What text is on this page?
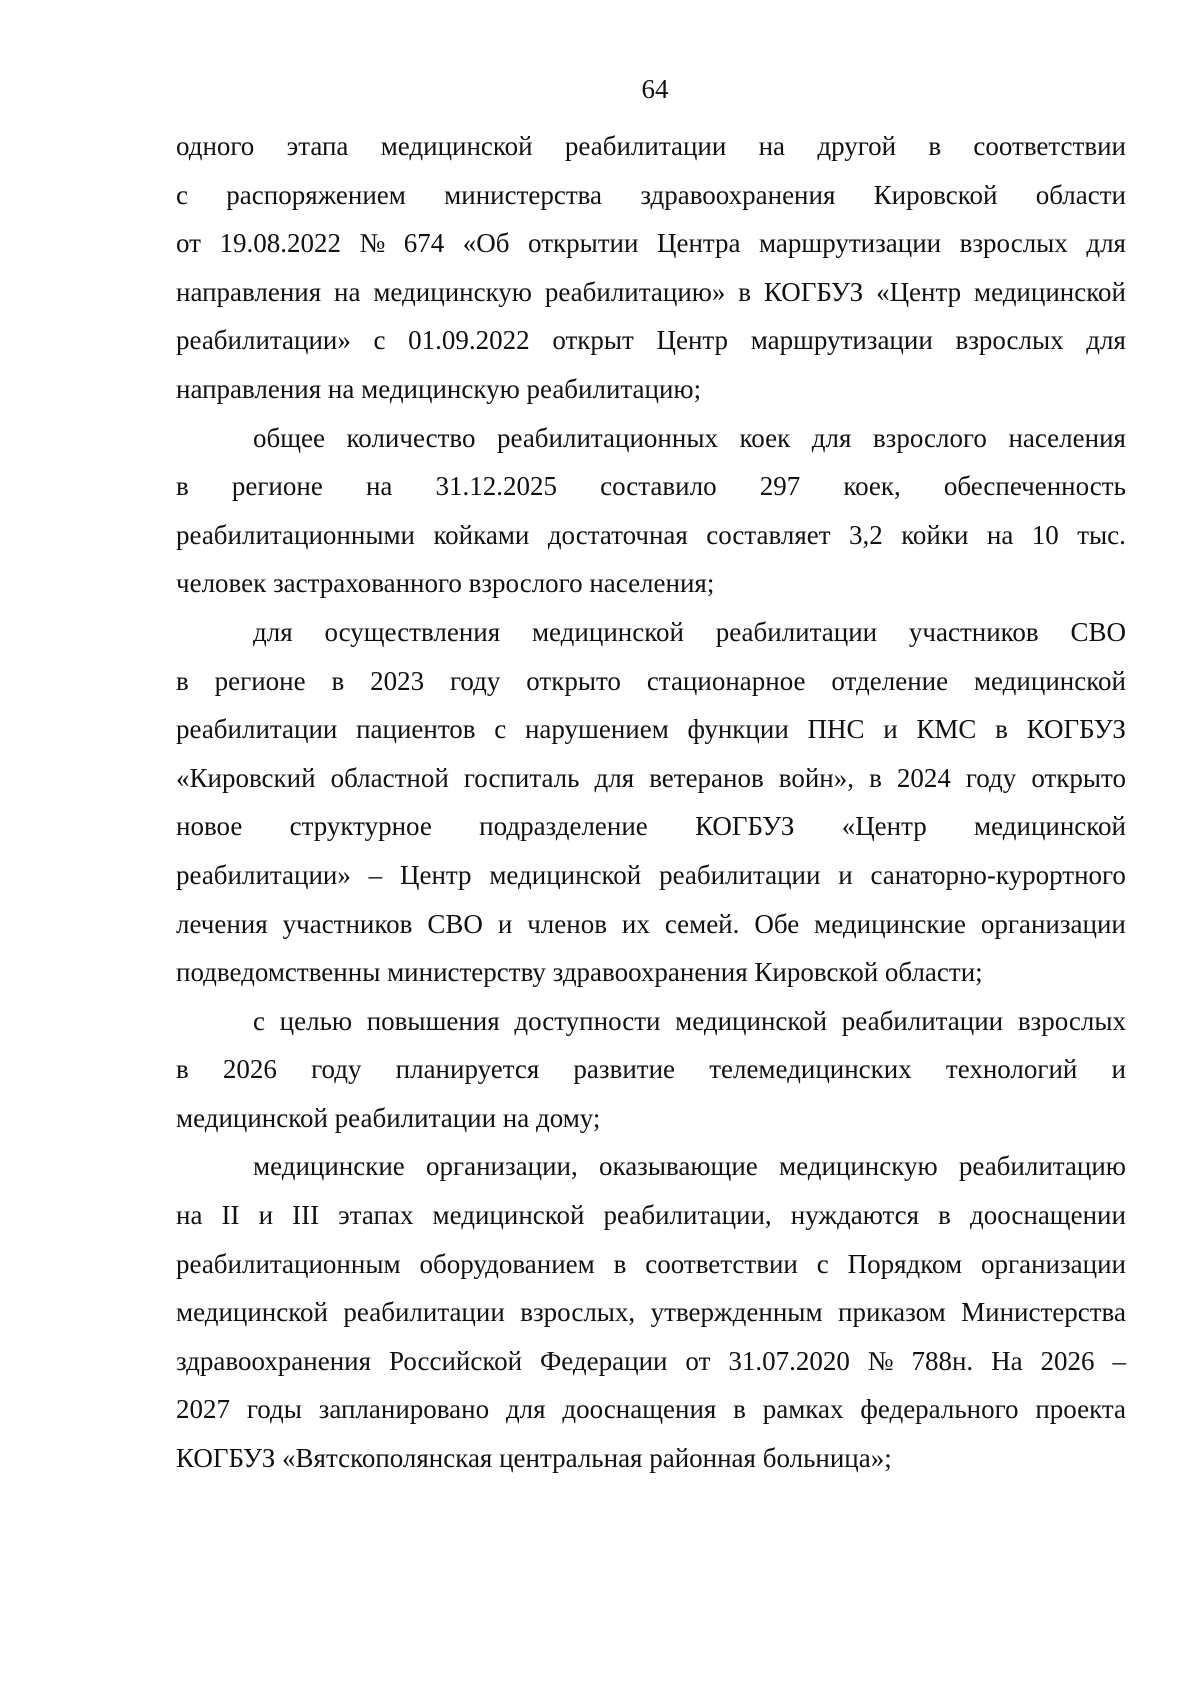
64
одного этапа медицинской реабилитации на другой в соответствии
с распоряжением министерства здравоохранения Кировской области
от 19.08.2022 № 674 «Об открытии Центра маршрутизации взрослых для
направления на медицинскую реабилитацию» в КОГБУЗ «Центр медицинской
реабилитации» с 01.09.2022 открыт Центр маршрутизации взрослых для
направления на медицинскую реабилитацию;
общее количество реабилитационных коек для взрослого населения
в регионе на 31.12.2025 составило 297 коек, обеспеченность
реабилитационными койками достаточная составляет 3,2 койки на 10 тыс.
человек застрахованного взрослого населения;
для осуществления медицинской реабилитации участников СВО
в регионе в 2023 году открыто стационарное отделение медицинской
реабилитации пациентов с нарушением функции ПНС и КМС в КОГБУЗ
«Кировский областной госпиталь для ветеранов войн», в 2024 году открыто
новое структурное подразделение КОГБУЗ «Центр медицинской
реабилитации» – Центр медицинской реабилитации и санаторно-курортного
лечения участников СВО и членов их семей. Обе медицинские организации
подведомственны министерству здравоохранения Кировской области;
с целью повышения доступности медицинской реабилитации взрослых
в 2026 году планируется развитие телемедицинских технологий и
медицинской реабилитации на дому;
медицинские организации, оказывающие медицинскую реабилитацию
на II и III этапах медицинской реабилитации, нуждаются в дооснащении
реабилитационным оборудованием в соответствии с Порядком организации
медицинской реабилитации взрослых, утвержденным приказом Министерства
здравоохранения Российской Федерации от 31.07.2020 № 788н. На 2026 –
2027 годы запланировано для дооснащения в рамках федерального проекта
КОГБУЗ «Вятскополянская центральная районная больница»;
